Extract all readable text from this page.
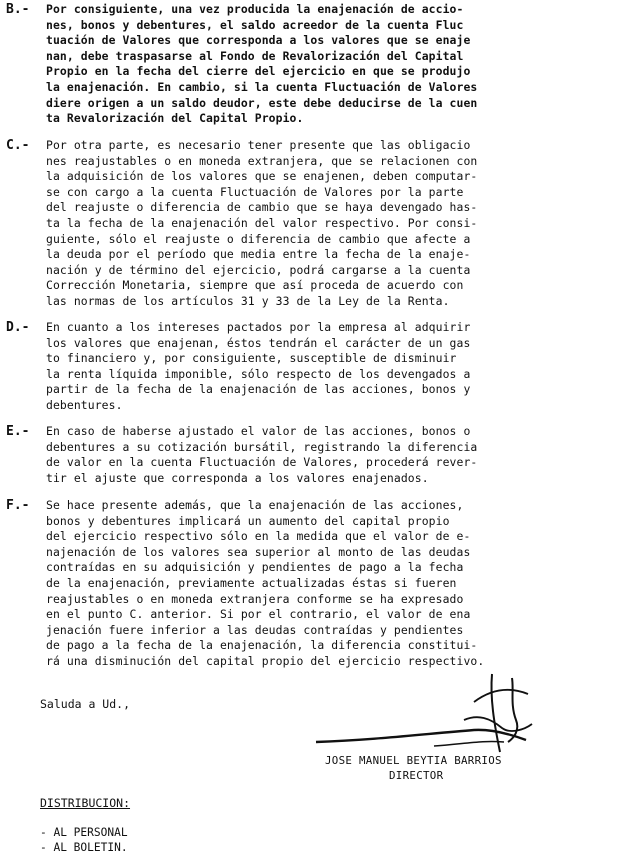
B.-	Por consiguiente, una vez producida la enajenación de accio-
nes, bonos y debentures, el saldo acreedor de la cuenta Fluc
tuación de Valores que corresponda a los valores que se enaje
nan, debe traspasarse al Fondo de Revalorización del Capital
Propio en la fecha del cierre del ejercicio en que se produjo
la enajenación. En cambio, si la cuenta Fluctuación de Valores
diere origen a un saldo deudor, este debe deducirse de la cuen
ta Revalorización del Capital Propio.
C.-	Por otra parte, es necesario tener presente que las obligacio
nes reajustables o en moneda extranjera, que se relacionen con
la adquisición de los valores que se enajenen, deben computar-
se con cargo a la cuenta Fluctuación de Valores por la parte
del reajuste o diferencia de cambio que se haya devengado has-
ta la fecha de la enajenación del valor respectivo. Por consi-
guiente, sólo el reajuste o diferencia de cambio que afecte a
la deuda por el período que media entre la fecha de la enaje-
nación y de término del ejercicio, podrá cargarse a la cuenta
Corrección Monetaria, siempre que así proceda de acuerdo con
las normas de los artículos 31 y 33 de la Ley de la Renta.
D.-	En cuanto a los intereses pactados por la empresa al adquirir
los valores que enajenan, éstos tendrán el carácter de un gas
to financiero y, por consiguiente, susceptible de disminuir
la renta líquida imponible, sólo respecto de los devengados a
partir de la fecha de la enajenación de las acciones, bonos y
debentures.
E.-	En caso de haberse ajustado el valor de las acciones, bonos o
debentures a su cotización bursátil, registrando la diferencia
de valor en la cuenta Fluctuación de Valores, procederá rever-
tir el ajuste que corresponda a los valores enajenados.
F.-	Se hace presente además, que la enajenación de las acciones,
bonos y debentures implicará un aumento del capital propio
del ejercicio respectivo sólo en la medida que el valor de e-
najenación de los valores sea superior al monto de las deudas
contraídas en su adquisición y pendientes de pago a la fecha
de la enajenación, previamente actualizadas éstas si fueren
reajustables o en moneda extranjera conforme se ha expresado
en el punto C. anterior. Si por el contrario, el valor de ena
jenación fuere inferior a las deudas contraídas y pendientes
de pago a la fecha de la enajenación, la diferencia constitui-
rá una disminución del capital propio del ejercicio respectivo.
Saluda a Ud.,
JOSE MANUEL BEYTIA BARRIOS
DIRECTOR
DISTRIBUCION:
- AL PERSONAL
- AL BOLETIN.
